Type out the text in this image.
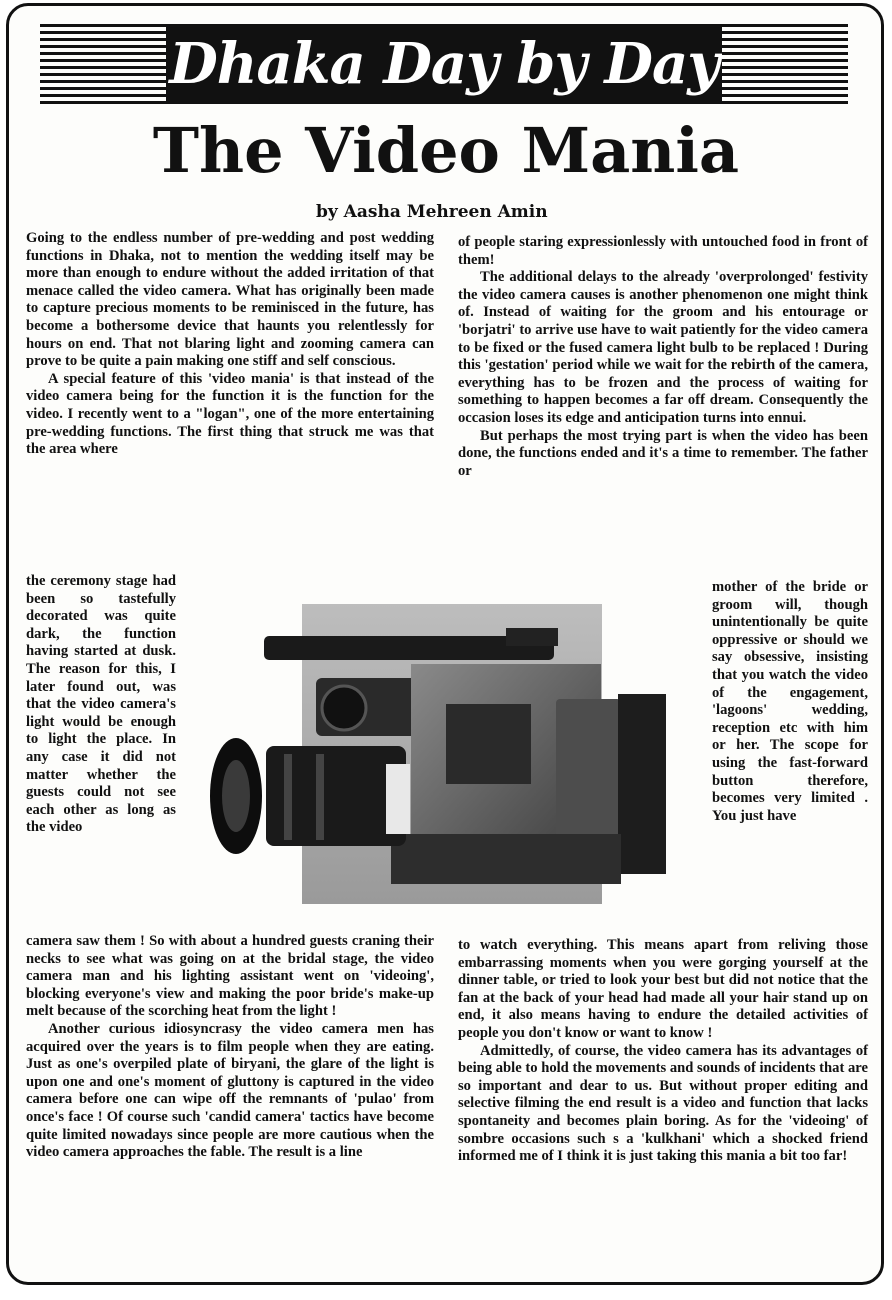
Dhaka Day by Day
The Video Mania
by Aasha Mehreen Amin

Going to the endless number of pre-wedding and post wedding functions in Dhaka, not to mention the wedding itself may be more than enough to endure without the added irritation of that menace called the video camera. What has originally been made to capture precious moments to be reminisced in the future, has become a bothersome device that haunts you relentlessly for hours on end. That not blaring light and zooming camera can prove to be quite a pain making one stiff and self conscious.

A special feature of this 'video mania' is that instead of the video camera being for the function it is the function for the video. I recently went to a "logan", one of the more entertaining pre-wedding functions. The first thing that struck me was that the area where

the ceremony stage had been so tastefully decorated was quite dark, the function having started at dusk. The reason for this, I later found out, was that the video camera's light would be enough to light the place. In any case it did not matter whether the guests could not see each other as long as the video

camera saw them ! So with about a hundred guests craning their necks to see what was going on at the bridal stage, the video camera man and his lighting assistant went on 'videoing', blocking everyone's view and making the poor bride's make-up melt because of the scorching heat from the light !

Another curious idiosyncrasy the video camera men has acquired over the years is to film people when they are eating. Just as one's overpiled plate of biryani, the glare of the light is upon one and one's moment of gluttony is captured in the video camera before one can wipe off the remnants of 'pulao' from once's face ! Of course such 'candid camera' tactics have become quite limited nowadays since people are more cautious when the video camera approaches the fable. The result is a line

of people staring expressionlessly with untouched food in front of them!

The additional delays to the already 'overprolonged' festivity the video camera causes is another phenomenon one might think of. Instead of waiting for the groom and his entourage or 'borjatri' to arrive use have to wait patiently for the video camera to be fixed or the fused camera light bulb to be replaced ! During this 'gestation' period while we wait for the rebirth of the camera, everything has to be frozen and the process of waiting for something to happen becomes a far off dream. Consequently the occasion loses its edge and anticipation turns into ennui.

But perhaps the most trying part is when the video has been done, the functions ended and it's a time to remember. The father or

mother of the bride or groom will, though unintentionally be quite oppressive or should we say obsessive, insisting that you watch the video of the engagement, 'lagoons' wedding, reception etc with him or her. The scope for using the fast-forward button therefore, becomes very limited . You just have

to watch everything. This means apart from reliving those embarrassing moments when you were gorging yourself at the dinner table, or tried to look your best but did not notice that the fan at the back of your head had made all your hair stand up on end, it also means having to endure the detailed activities of people you don't know or want to know !

Admittedly, of course, the video camera has its advantages of being able to hold the movements and sounds of incidents that are so important and dear to us. But without proper editing and selective filming the end result is a video and function that lacks spontaneity and becomes plain boring. As for the 'videoing' of sombre occasions such s a 'kulkhani' which a shocked friend informed me of I think it is just taking this mania a bit too far!
